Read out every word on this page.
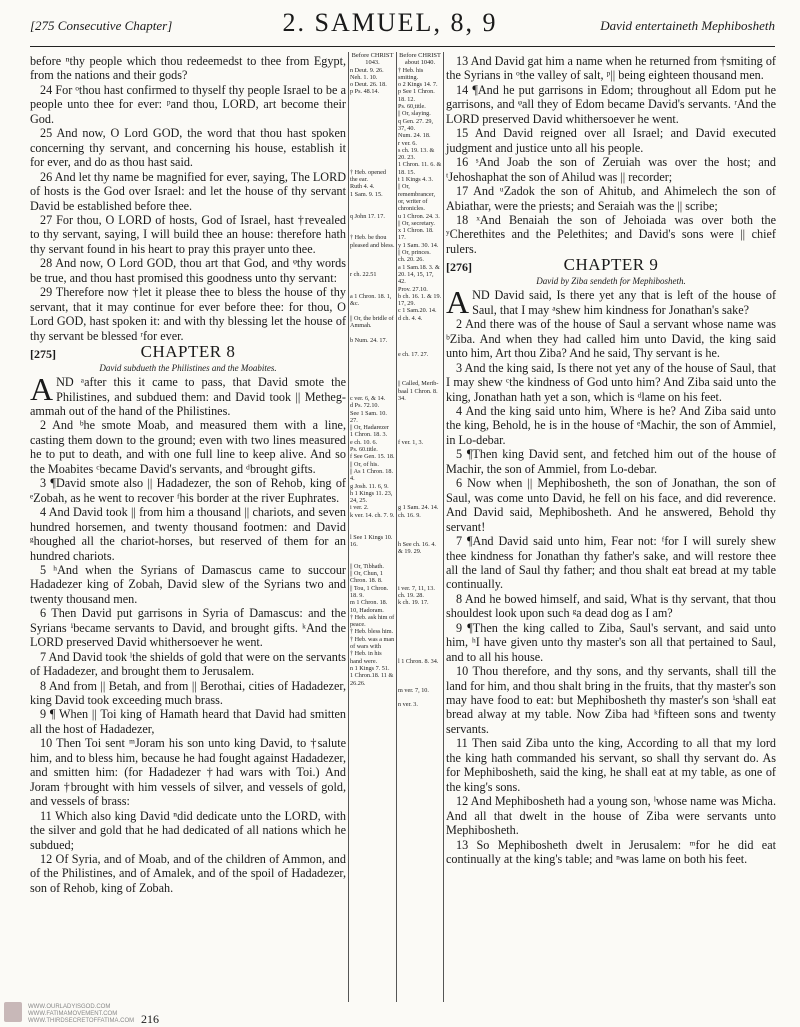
[275 Consecutive Chapter]	2. SAMUEL, 8, 9	David entertaineth Mephibosheth

before ⁿthy people which thou redeemedst to thee from Egypt, from the nations and their gods?

24 For ᵒthou hast confirmed to thyself thy people Israel to be a people unto thee for ever: ᵖand thou, LORD, art become their God.

25 And now, O Lord GOD, the word that thou hast spoken concerning thy servant, and concerning his house, establish it for ever, and do as thou hast said.

26 And let thy name be magnified for ever, saying, The LORD of hosts is the God over Israel: and let the house of thy servant David be established before thee.

27 For thou, O LORD of hosts, God of Israel, hast †revealed to thy servant, saying, I will build thee an house: therefore hath thy servant found in his heart to pray this prayer unto thee.

28 And now, O Lord GOD, thou art that God, and ᵠthy words be true, and thou hast promised this goodness unto thy servant:

29 Therefore now †let it please thee to bless the house of thy servant, that it may continue for ever before thee: for thou, O Lord GOD, hast spoken it: and with thy blessing let the house of thy servant be blessed ʳfor ever.

[275]	CHAPTER 8
David subdueth the Philistines and the Moabites.

AND ᵃafter this it came to pass, that David smote the Philistines, and subdued them: and David took || Metheg-ammah out of the hand of the Philistines.

2 And ᵇhe smote Moab, and measured them with a line, casting them down to the ground; even with two lines measured he to put to death, and with one full line to keep alive. And so the Moabites ᶜbecame David's servants, and ᵈbrought gifts.

3 ¶David smote also || Hadadezer, the son of Rehob, king of ᵉZobah, as he went to recover ᶠhis border at the river Euphrates.

4 And David took || from him a thousand || chariots, and seven hundred horsemen, and twenty thousand footmen: and David ᵍhoughed all the chariot-horses, but reserved of them for an hundred chariots.

5 ʰAnd when the Syrians of Damascus came to succour Hadadezer king of Zobah, David slew of the Syrians two and twenty thousand men.

6 Then David put garrisons in Syria of Damascus: and the Syrians ⁱbecame servants to David, and brought gifts. ᵏAnd the LORD preserved David whithersoever he went.

7 And David took ˡthe shields of gold that were on the servants of Hadadezer, and brought them to Jerusalem.

8 And from || Betah, and from || Berothai, cities of Hadadezer, king David took exceeding much brass.

9 ¶ When || Toi king of Hamath heard that David had smitten all the host of Hadadezer,

10 Then Toi sent ᵐJoram his son unto king David, to †salute him, and to bless him, because he had fought against Hadadezer, and smitten him: (for Hadadezer †had wars with Toi.) And Joram †brought with him vessels of silver, and vessels of gold, and vessels of brass:

11 Which also king David ⁿdid dedicate unto the LORD, with the silver and gold that he had dedicated of all nations which he subdued;

12 Of Syria, and of Moab, and of the children of Ammon, and of the Philistines, and of Amalek, and of the spoil of Hadadezer, son of Rehob, king of Zobah.

Before CHRIST 1043.
n Deut. 9. 26.
Neh. 1. 10.
o Deut. 26. 18.
p Ps. 48.14.

† Heb. opened the ear.
Ruth 4. 4.
1 Sam. 9. 15.

q John 17. 17.

† Heb. be thou pleased and bless.

r ch. 22.51

a 1 Chron. 18. 1, &c.

|| Or, the bridle of Ammah.

b Num. 24. 17.

c ver. 6, & 14.
d Ps. 72.10.
See 1 Sam. 10. 27.
|| Or, Hadarezer
1 Chron. 18. 3.
e ch. 10. 6.
Ps. 60.title.
f See Gen. 15. 18.
|| Or, of his.
|| As 1 Chron. 18. 4.
g Josh. 11. 6, 9.
h 1 Kings 11. 23, 24, 25.
i ver. 2.
k ver. 14. ch. 7. 9.

l See 1 Kings 10. 16.

|| Or, Tibhath.
|| Or, Chun, 1 Chron. 18. 8.
|| Tou, 1 Chron. 18. 9.
m 1 Chron. 18. 10, Hadoram.
† Heb. ask him of peace.
† Heb. bless him.
† Heb. was a man of wars with
† Heb. in his hand were.
n 1 Kings 7. 51.
1 Chron.18. 11 & 26.26.
Before CHRIST about 1040.
† Heb. his smiting.
o 2 Kings 14. 7.
p See 1 Chron. 18. 12.
Ps. 60,title.
|| Or, slaying.
q Gen. 27. 29, 37, 40.
Num. 24. 18.
r ver. 6.
s ch. 19. 13. & 20. 23.
1 Chron. 11. 6. & 18. 15.
t 1 Kings 4. 3.
|| Or, remembrancer, or, writer of chronicles.
u 1 Chron. 24. 3.
|| Or, secretary.
x 1 Chron. 18. 17.
y 1 Sam. 30. 14.
|| Or, princes.
ch. 20. 26.
a 1 Sam.18. 3. & 20. 14, 15, 17, 42.
Prov. 27.10.
b ch. 16. 1. & 19. 17, 29.
c 1 Sam.20. 14.
d ch. 4. 4.

e ch. 17. 27.

|| Called, Merib-baal 1 Chron. 8. 34.

f ver. 1, 3.

g 1 Sam. 24. 14.
ch. 16. 9.

h See ch. 16. 4. & 19. 29.

i ver. 7, 11, 13.
ch. 19. 28.
k ch. 19. 17.

l 1 Chron. 8. 34.

m ver. 7, 10.

n ver. 3.

13 And David gat him a name when he returned from †smiting of the Syrians in ᵒthe valley of salt, ᵖ|| being eighteen thousand men.

14 ¶And he put garrisons in Edom; throughout all Edom put he garrisons, and ᵠall they of Edom became David's servants. ʳAnd the LORD preserved David whithersoever he went.

15 And David reigned over all Israel; and David executed judgment and justice unto all his people.

16 ˢAnd Joab the son of Zeruiah was over the host; and ᵗJehoshaphat the son of Ahilud was || recorder;

17 And ᵘZadok the son of Ahitub, and Ahimelech the son of Abiathar, were the priests; and Seraiah was the || scribe;

18 ˣAnd Benaiah the son of Jehoiada was over both the ʸCherethites and the Pelethites; and David's sons were || chief rulers.

[276]	CHAPTER 9
David by Ziba sendeth for Mephibosheth.

AND David said, Is there yet any that is left of the house of Saul, that I may ᵃshew him kindness for Jonathan's sake?

2 And there was of the house of Saul a servant whose name was ᵇZiba. And when they had called him unto David, the king said unto him, Art thou Ziba? And he said, Thy servant is he.

3 And the king said, Is there not yet any of the house of Saul, that I may shew ᶜthe kindness of God unto him? And Ziba said unto the king, Jonathan hath yet a son, which is ᵈlame on his feet.

4 And the king said unto him, Where is he? And Ziba said unto the king, Behold, he is in the house of ᵉMachir, the son of Ammiel, in Lo-debar.

5 ¶Then king David sent, and fetched him out of the house of Machir, the son of Ammiel, from Lo-debar.

6 Now when || Mephibosheth, the son of Jonathan, the son of Saul, was come unto David, he fell on his face, and did reverence. And David said, Mephibosheth. And he answered, Behold thy servant!

7 ¶And David said unto him, Fear not: ᶠfor I will surely shew thee kindness for Jonathan thy father's sake, and will restore thee all the land of Saul thy father; and thou shalt eat bread at my table continually.

8 And he bowed himself, and said, What is thy servant, that thou shouldest look upon such ᵍa dead dog as I am?

9 ¶Then the king called to Ziba, Saul's servant, and said unto him, ʰI have given unto thy master's son all that pertained to Saul, and to all his house.

10 Thou therefore, and thy sons, and thy servants, shall till the land for him, and thou shalt bring in the fruits, that thy master's son may have food to eat: but Mephibosheth thy master's son ⁱshall eat bread alway at my table. Now Ziba had ᵏfifteen sons and twenty servants.

11 Then said Ziba unto the king, According to all that my lord the king hath commanded his servant, so shall thy servant do. As for Mephibosheth, said the king, he shall eat at my table, as one of the king's sons.

12 And Mephibosheth had a young son, ˡwhose name was Micha. And all that dwelt in the house of Ziba were servants unto Mephibosheth.

13 So Mephibosheth dwelt in Jerusalem: ᵐfor he did eat continually at the king's table; and ⁿwas lame on both his feet.

WWW.OURLADYISGOD.COM
WWW.FATIMAMOVEMENT.COM
WWW.THIRDSECRETOFFATIMA.COM 216
